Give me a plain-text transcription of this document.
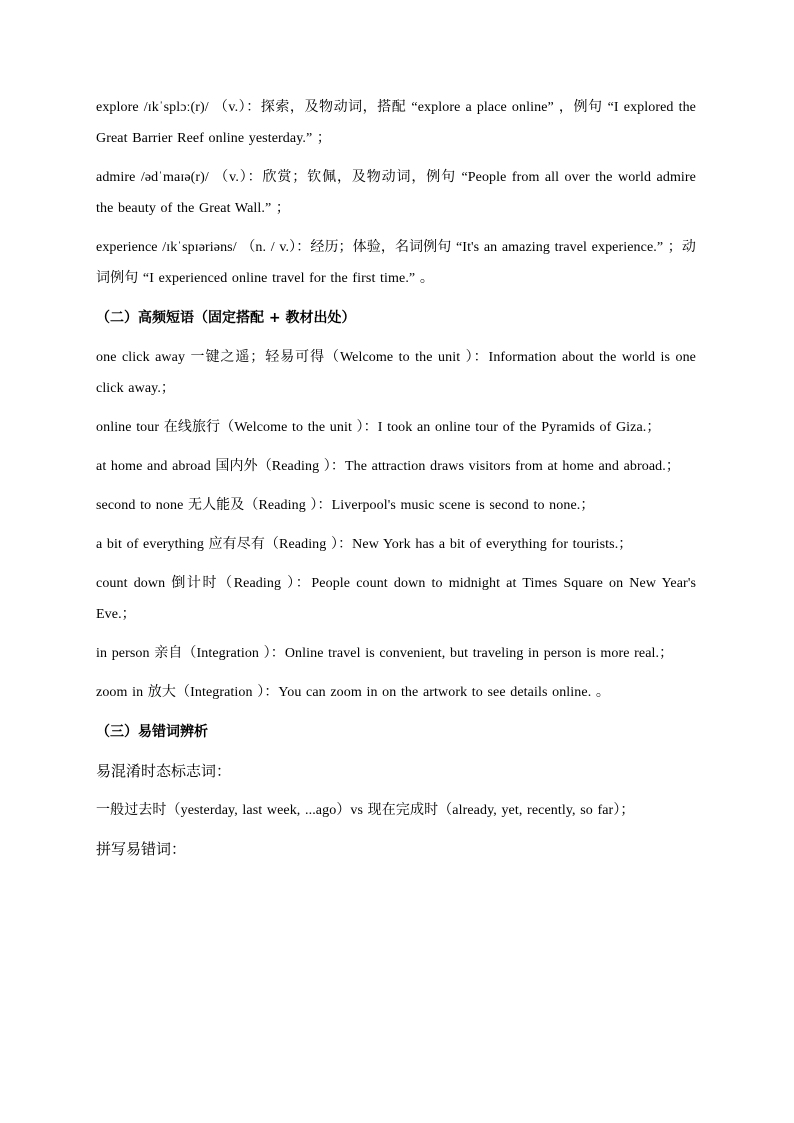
explore /ɪkˈsplɔː(r)/ （v.）：探索，及物动词，搭配 “explore a place online” ，例句 “I explored the Great Barrier Reef online yesterday.” ；

admire /ədˈmaɪə(r)/ （v.）：欣赏；钦佩，及物动词，例句 “People from all over the world admire the beauty of the Great Wall.” ；

experience /ɪkˈspɪəriəns/ （n. / v.）：经历；体验，名词例句 “It's an amazing travel experience.” ；动词例句 “I experienced online travel for the first time.” 。

（二）高频短语（固定搭配 + 教材出处）

one click away 一键之遥；轻易可得（Welcome to the unit ）：Information about the world is one click away.；

online tour 在线旅行（Welcome to the unit ）：I took an online tour of the Pyramids of Giza.；

at home and abroad 国内外（Reading ）：The attraction draws visitors from at home and abroad.；

second to none 无人能及（Reading ）：Liverpool's music scene is second to none.；

a bit of everything 应有尽有（Reading ）：New York has a bit of everything for tourists.；

count down 倒计时（Reading ）：People count down to midnight at Times Square on New Year's Eve.；

in person 亲自（Integration ）：Online travel is convenient, but traveling in person is more real.；

zoom in 放大（Integration ）：You can zoom in on the artwork to see details online. 。

（三）易错词辨析

易混淆时态标志词：

一般过去时（yesterday, last week, ...ago）vs 现在完成时（already, yet, recently, so far）；

拼写易错词：
